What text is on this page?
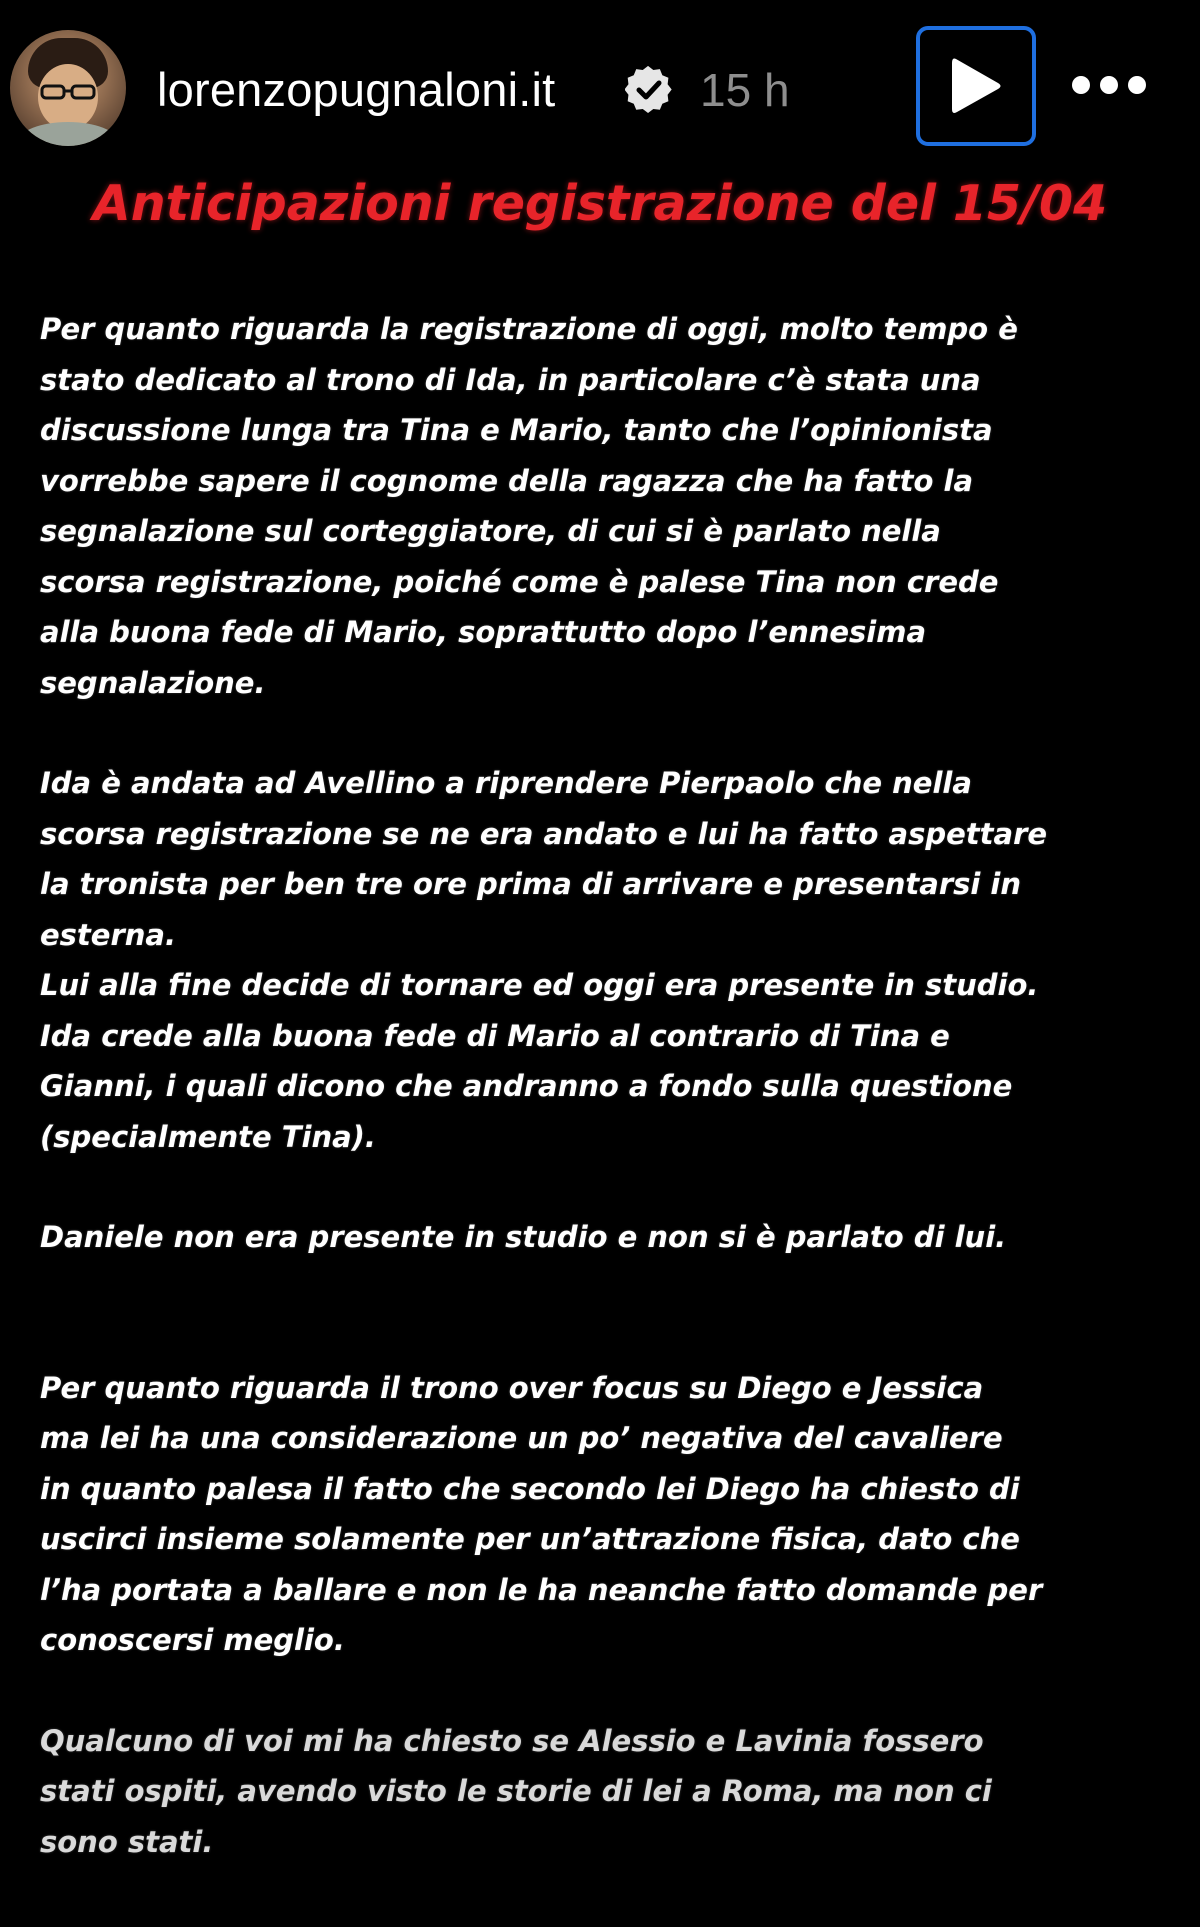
lorenzopugnaloni.it	15 h
Anticipazioni registrazione del 15/04

Per quanto riguarda la registrazione di oggi, molto tempo è
stato dedicato al trono di Ida, in particolare c’è stata una
discussione lunga tra Tina e Mario, tanto che l’opinionista
vorrebbe sapere il cognome della ragazza che ha fatto la
segnalazione sul corteggiatore, di cui si è parlato nella
scorsa registrazione, poiché come è palese Tina non crede
alla buona fede di Mario, soprattutto dopo l’ennesima
segnalazione.

Ida è andata ad Avellino a riprendere Pierpaolo che nella
scorsa registrazione se ne era andato e lui ha fatto aspettare
la tronista per ben tre ore prima di arrivare e presentarsi in
esterna.
Lui alla fine decide di tornare ed oggi era presente in studio.
Ida crede alla buona fede di Mario al contrario di Tina e
Gianni, i quali dicono che andranno a fondo sulla questione
(specialmente Tina).

Daniele non era presente in studio e non si è parlato di lui.

Per quanto riguarda il trono over focus su Diego e Jessica
ma lei ha una considerazione un po’ negativa del cavaliere
in quanto palesa il fatto che secondo lei Diego ha chiesto di
uscirci insieme solamente per un’attrazione fisica, dato che
l’ha portata a ballare e non le ha neanche fatto domande per
conoscersi meglio.

Qualcuno di voi mi ha chiesto se Alessio e Lavinia fossero
stati ospiti, avendo visto le storie di lei a Roma, ma non ci
sono stati.
